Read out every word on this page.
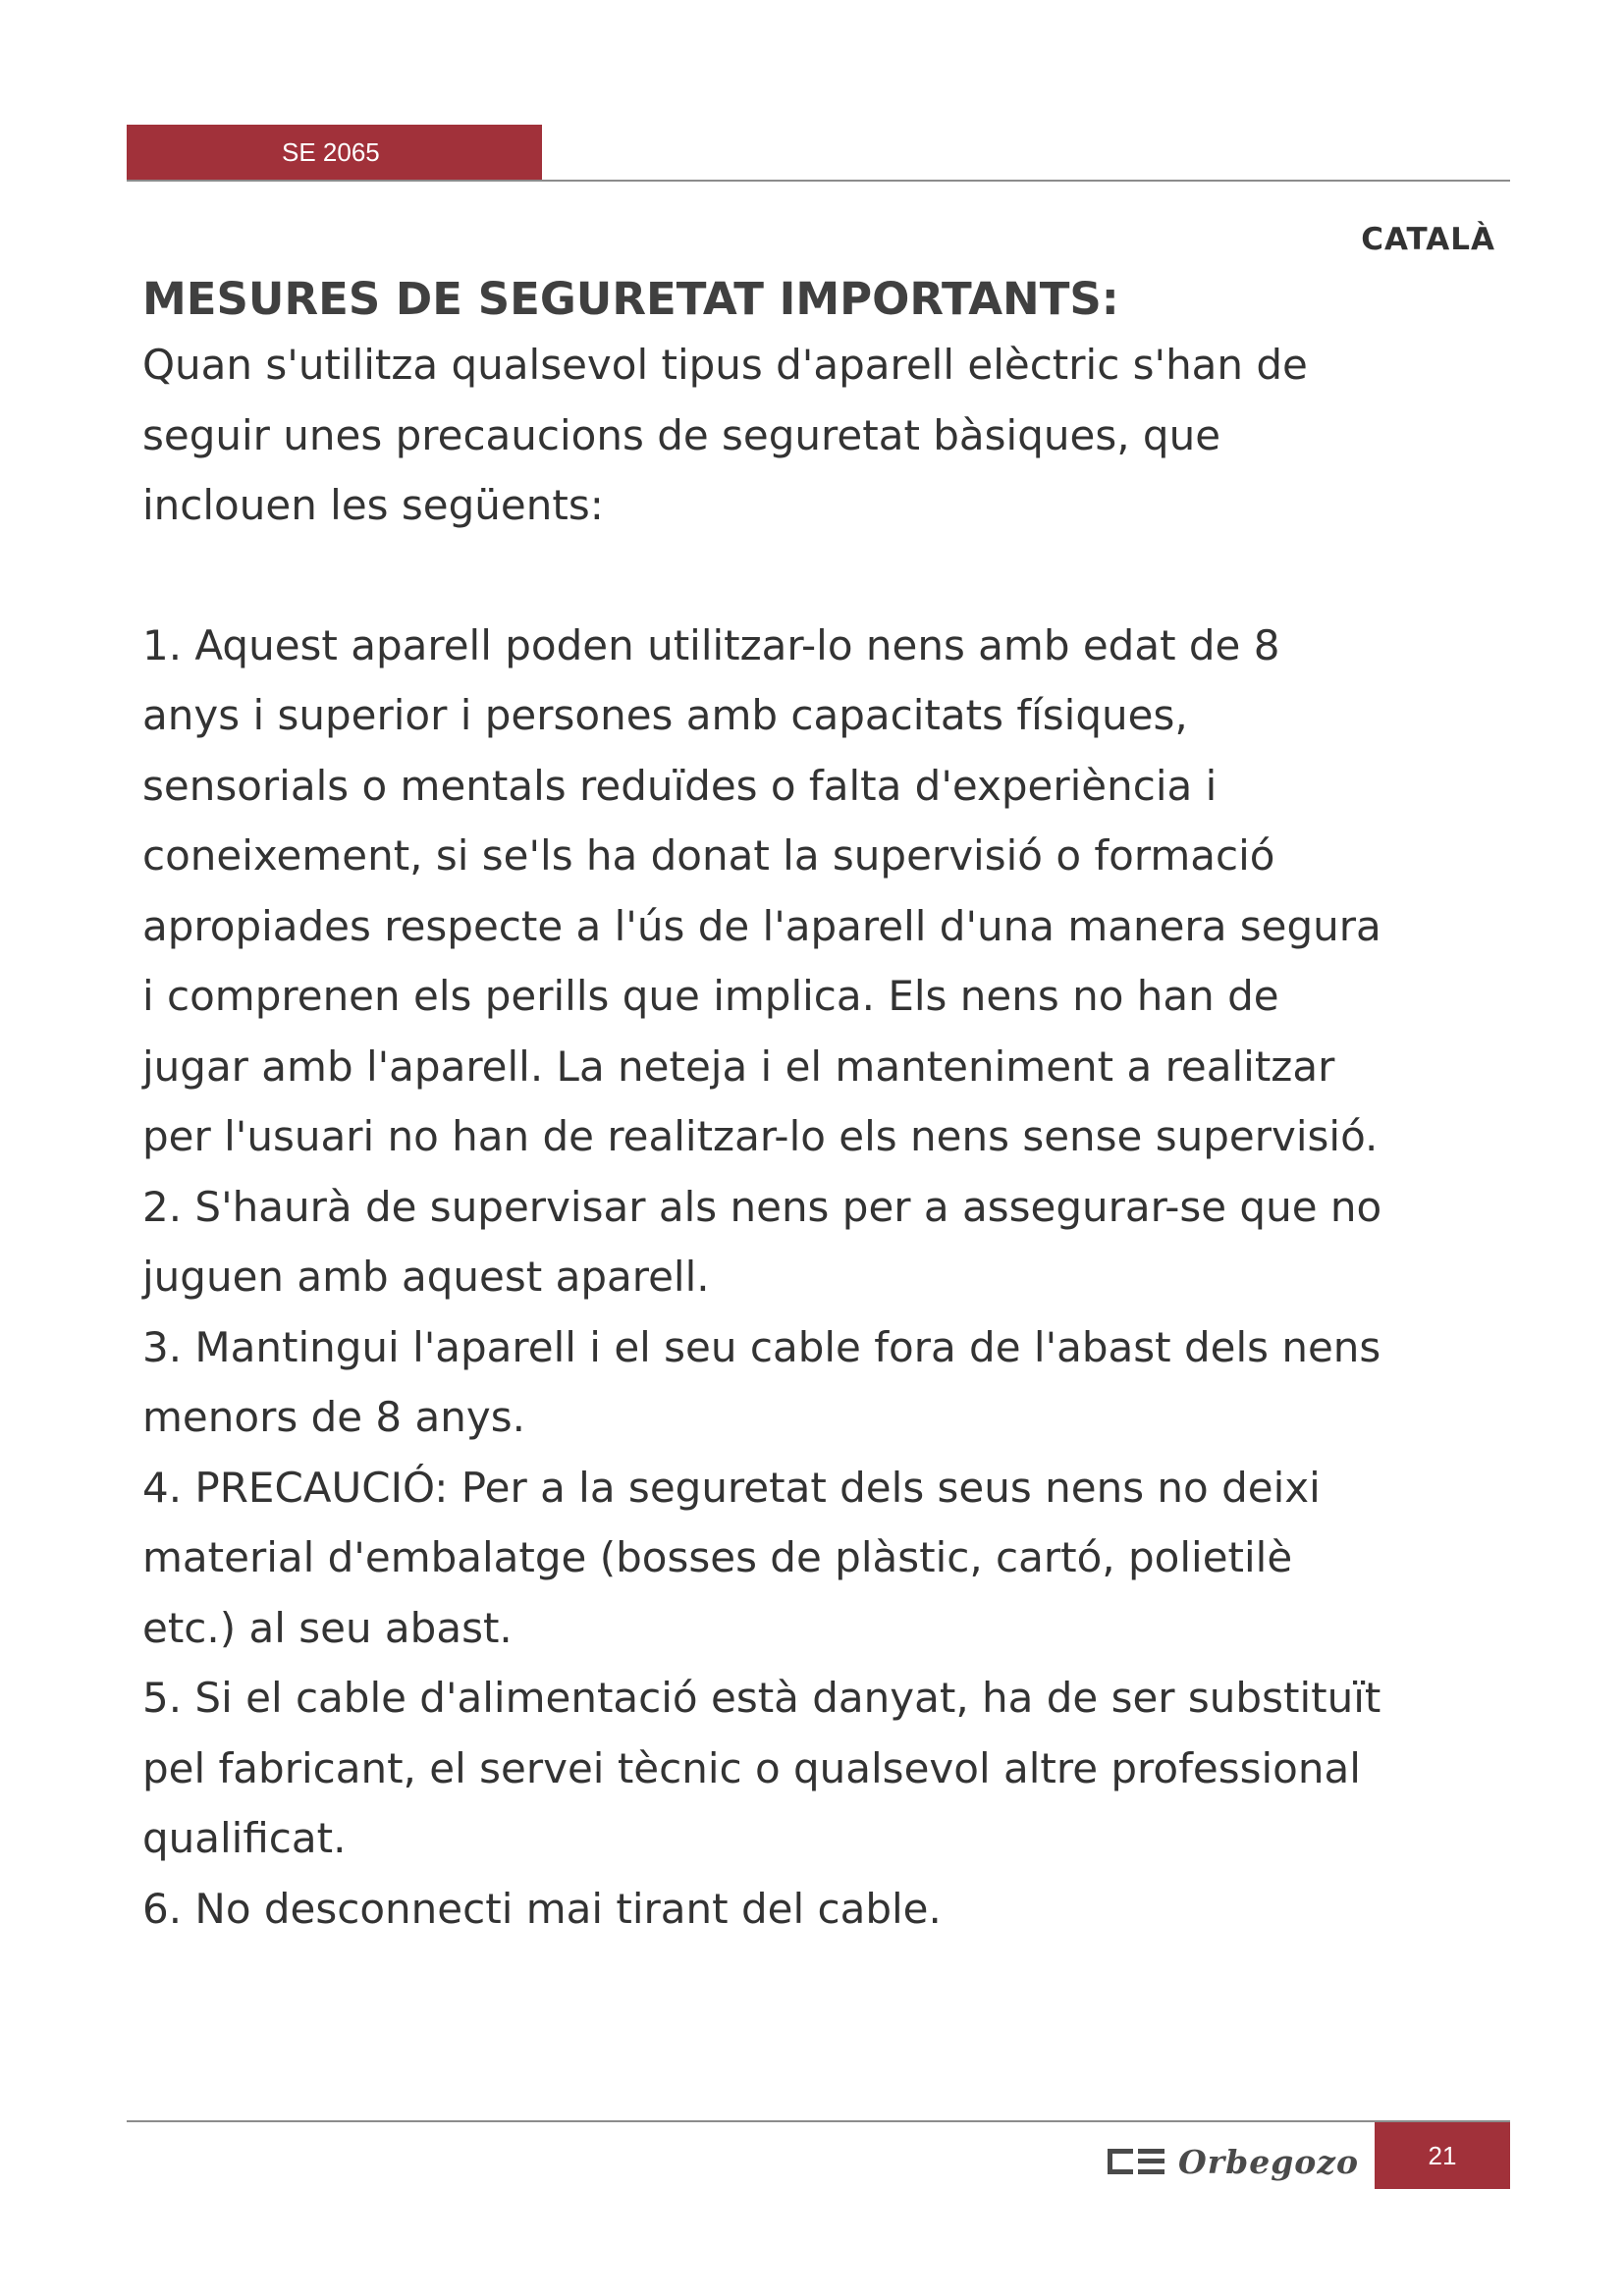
SE 2065
CATALÀ
MESURES DE SEGURETAT IMPORTANTS:

Quan s'utilitza qualsevol tipus d'aparell elèctric s'han de
seguir unes precaucions de seguretat bàsiques, que
inclouen les següents:

1. Aquest aparell poden utilitzar-lo nens amb edat de 8
anys i superior i persones amb capacitats físiques,
sensorials o mentals reduïdes o falta d'experiència i
coneixement, si se'ls ha donat la supervisió o formació
apropiades respecte a l'ús de l'aparell d'una manera segura
i comprenen els perills que implica. Els nens no han de
jugar amb l'aparell. La neteja i el manteniment a realitzar
per l'usuari no han de realitzar-lo els nens sense supervisió.

2. S'haurà de supervisar als nens per a assegurar-se que no
juguen amb aquest aparell.

3. Mantingui l'aparell i el seu cable fora de l'abast dels nens
menors de 8 anys.

4. PRECAUCIÓ: Per a la seguretat dels seus nens no deixi
material d'embalatge (bosses de plàstic, cartó, polietilè
etc.) al seu abast.

5. Si el cable d'alimentació està danyat, ha de ser substituït
pel fabricant, el servei tècnic o qualsevol altre professional
qualificat.

6. No desconnecti mai tirant del cable.

Orbegozo	21
